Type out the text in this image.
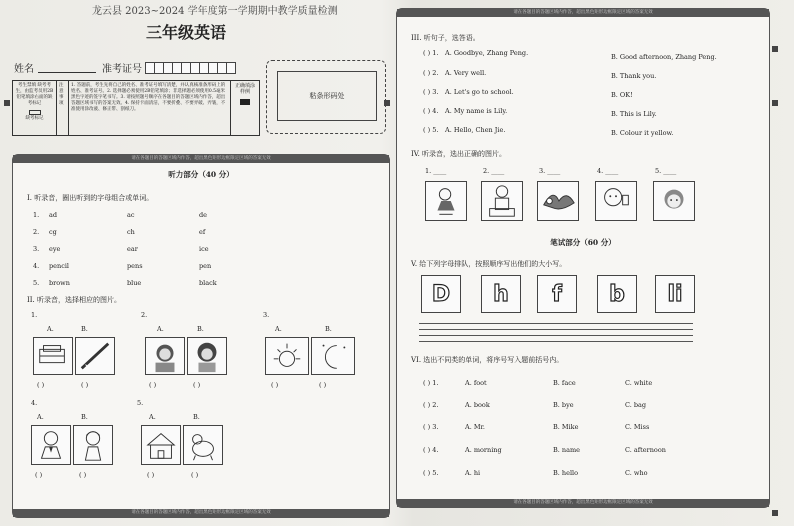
龙云县 2023~2024 学年度第一学期期中教学质量检测
三年级英语
姓名	准考证号
考生禁填 缺考考生，由监考员用2B铅笔填涂右面的缺考标记
缺考标记
注意事项
1. 答题前，考生先将自己的姓名、准考证号填写清楚，并认真核准条形码上的姓名、准考证号。2. 选择题必须使用2B铅笔填涂；非选择题必须使用0.5毫米黑色字迹的签字笔书写。3. 请按照题号顺序在各题目的答题区域内作答，超出答题区域书写的答案无效。4. 保持卡面清洁，不要折叠、不要弄破、弄皱，不准使用涂改液、修正带、刮纸刀。
正确填涂 样例	粘条形码处
请在各题目的答题区域内作答，超出黑色矩形边框限定区域的答案无效
听力部分（40 分）
I. 听录音，圈出听到的字母组合或单词。
1. ad	ac	de
2. cg	ch	ef
3. eye	ear	ice
4. pencil	pens	pen
5. brown	blue	black
II. 听录音，选择相应的图片。
1.
A.	B.
( )	( )
2.
A.	B.
( )	( )
3.
A.	B.
( )	( )
4.
A.	B.
( )	( )
5.
A.	B.
( )	( )
请在各题目的答题区域内作答，超出黑色矩形边框限定区域的答案无效
请在各题目的答题区域内作答，超出黑色矩形边框限定区域的答案无效
III. 听句子，选答语。
( ) 1. A. Goodbye, Zhang Peng.	B. Good afternoon, Zhang Peng.
( ) 2. A. Very well.	B. Thank you.
( ) 3. A. Let's go to school.	B. OK!
( ) 4. A. My name is Lily.	B. This is Lily.
( ) 5. A. Hello, Chen Jie.	B. Colour it yellow.
IV. 听录音，选出正确的图片。
1. ____	2. ____	3. ____	4. ____	5. ____
笔试部分（60 分）
V. 给下列字母排队，按照顺序写出他们的大小写。
D	h	f	b	li
VI. 选出不同类的单词，将序号写入题前括号内。
( ) 1.	A. foot	B. face	C. white
( ) 2.	A. book	B. bye	C. bag
( ) 3.	A. Mr.	B. Mike	C. Miss
( ) 4.	A. morning	B. name	C. afternoon
( ) 5.	A. hi	B. hello	C. who
请在各题目的答题区域内作答，超出黑色矩形边框限定区域的答案无效
